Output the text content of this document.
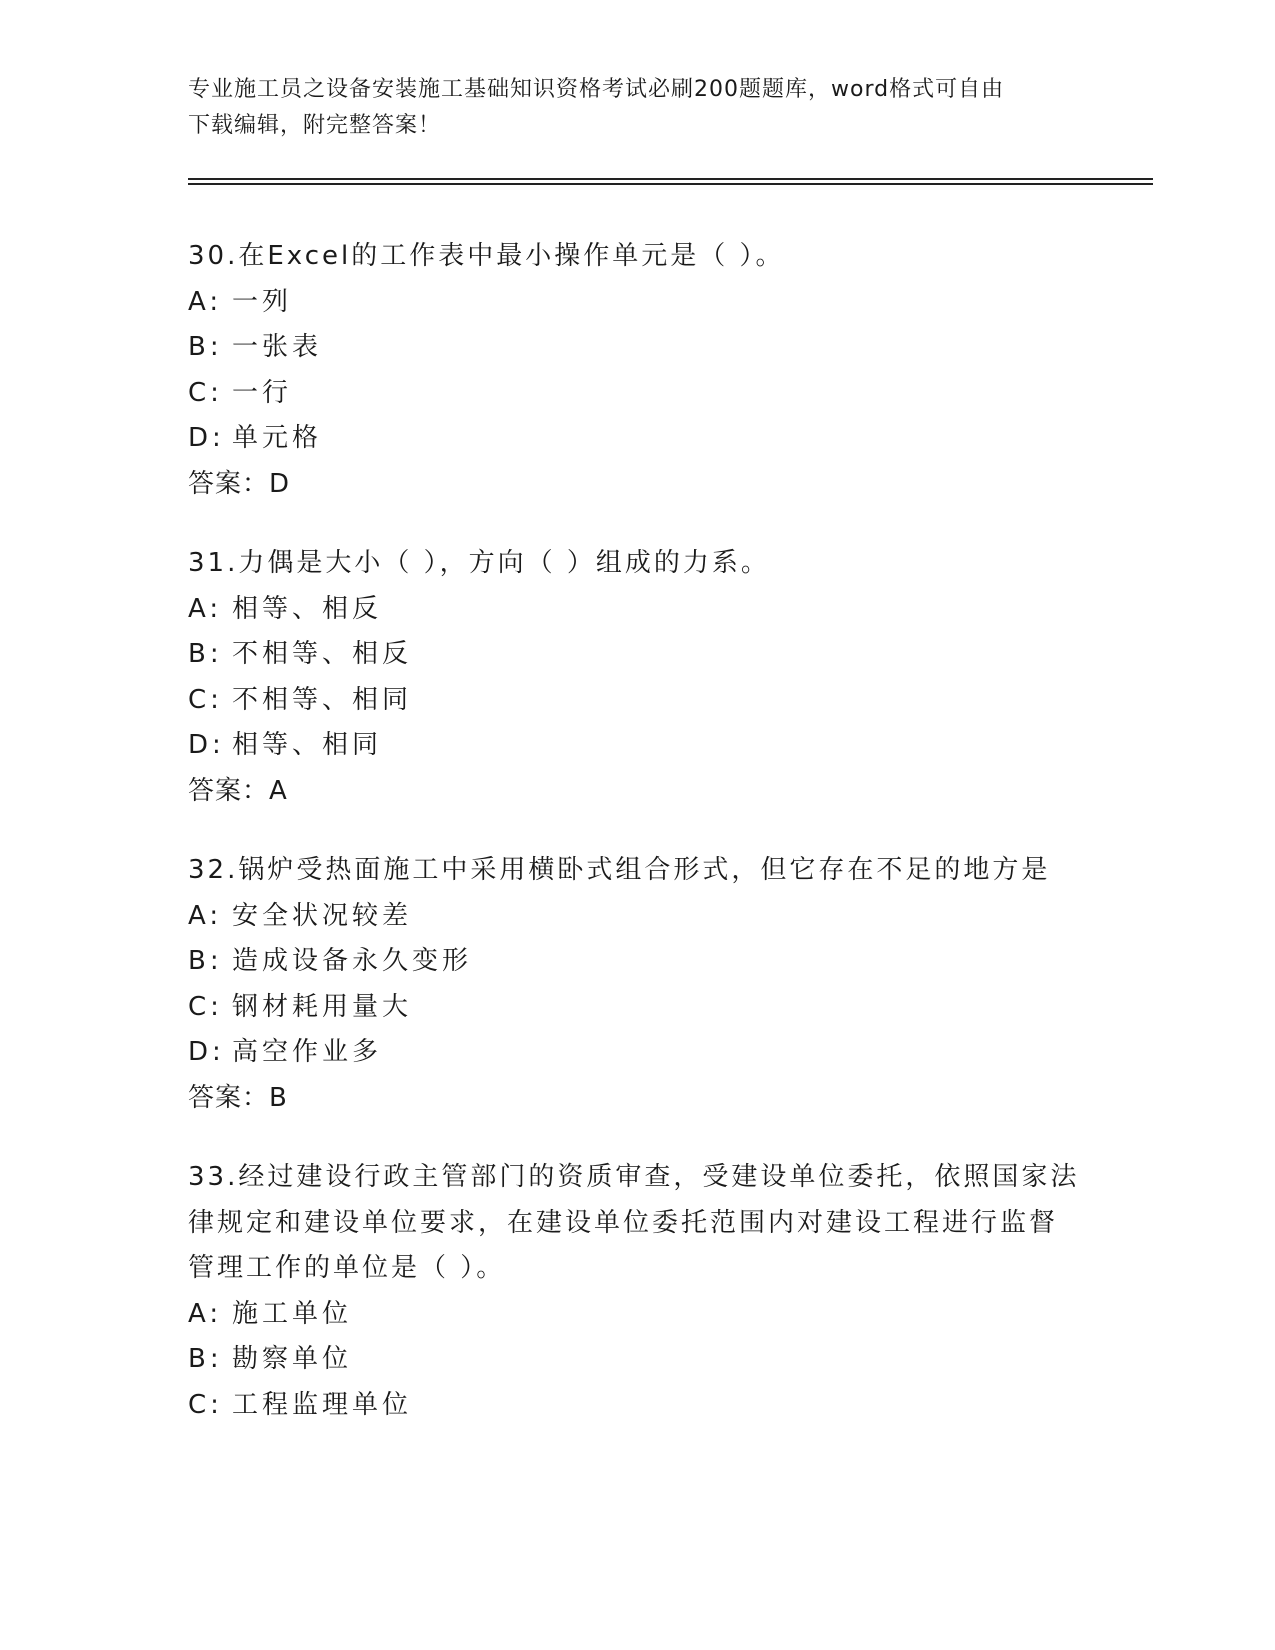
专业施工员之设备安装施工基础知识资格考试必刷200题题库，word格式可自由
下载编辑，附完整答案！
30.在Excel的工作表中最小操作单元是（ ）。
A: 一列
B: 一张表
C: 一行
D: 单元格
答案：D
31.力偶是大小（ ），方向（ ）组成的力系。
A: 相等、相反
B: 不相等、相反
C: 不相等、相同
D: 相等、相同
答案：A
32.锅炉受热面施工中采用横卧式组合形式，但它存在不足的地方是
A: 安全状况较差
B: 造成设备永久变形
C: 钢材耗用量大
D: 高空作业多
答案：B
33.经过建设行政主管部门的资质审查，受建设单位委托，依照国家法
律规定和建设单位要求，在建设单位委托范围内对建设工程进行监督
管理工作的单位是（ ）。
A: 施工单位
B: 勘察单位
C: 工程监理单位
